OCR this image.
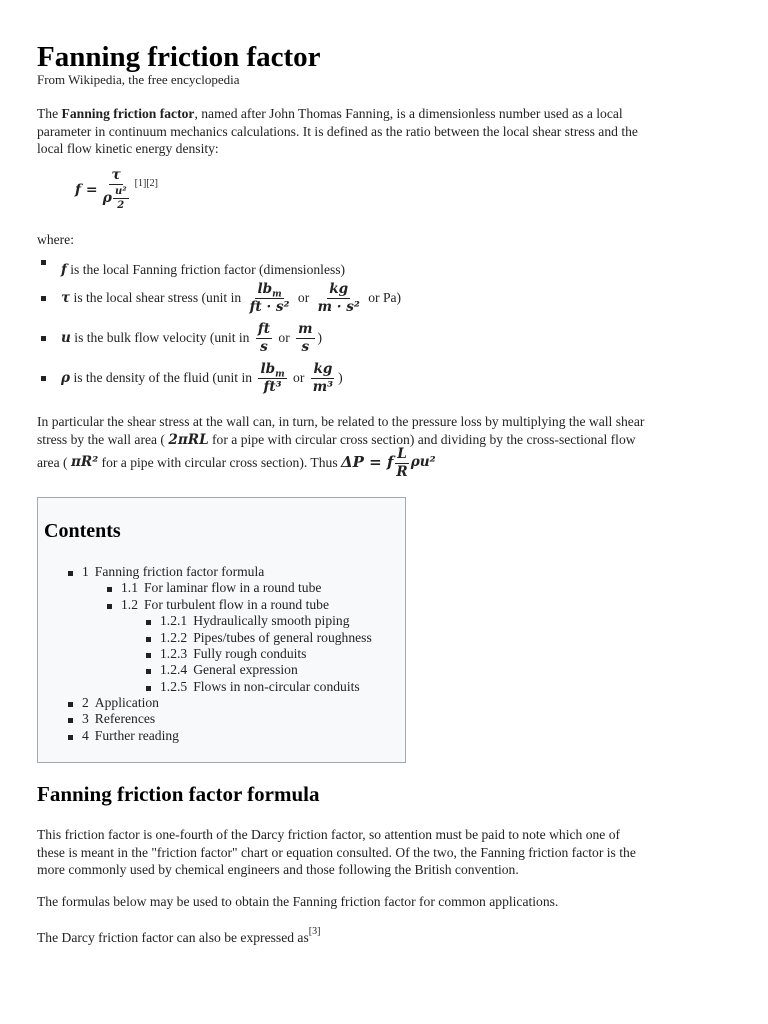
Fanning friction factor
From Wikipedia, the free encyclopedia
The Fanning friction factor, named after John Thomas Fanning, is a dimensionless number used as a local
parameter in continuum mechanics calculations. It is defined as the ratio between the local shear stress and the
local flow kinetic energy density:
$f = \frac{\tau}{\rho \frac{\text{u²}}{2}} [1][2]$
where:
f is the local Fanning friction factor (dimensionless)
τ is the local shear stress (unit in $\frac{lb_m}{\text{ft · s²}}$ or $\frac{kg}{\text{m · s²}}$ or Pa)
u is the bulk flow velocity (unit in $\frac{ft}{s}$ or $\frac{m}{s}$ )
ρ is the density of the fluid (unit in $\frac{lb_m}{\text{ft³}}$ or $\frac{kg}{\text{m³}}$ )
In particular the shear stress at the wall can, in turn, be related to the pressure loss by multiplying the wall shear
stress by the wall area ( 2πRL for a pipe with circular cross section) and dividing by the cross-sectional flow
area ( πR² for a pipe with circular cross section). Thus ΔP = f $\frac{L}{R} \rho u^2$
Contents
1 Fanning friction factor formula
1.1 For laminar flow in a round tube
1.2 For turbulent flow in a round tube
1.2.1 Hydraulically smooth piping
1.2.2 Pipes/tubes of general roughness
1.2.3 Fully rough conduits
1.2.4 General expression
1.2.5 Flows in non-circular conduits
2 Application
3 References
4 Further reading
Fanning friction factor formula
This friction factor is one-fourth of the Darcy friction factor, so attention must be paid to note which one of
these is meant in the "friction factor" chart or equation consulted. Of the two, the Fanning friction factor is the
more commonly used by chemical engineers and those following the British convention.
The formulas below may be used to obtain the Fanning friction factor for common applications.
The Darcy friction factor can also be expressed as[3]
